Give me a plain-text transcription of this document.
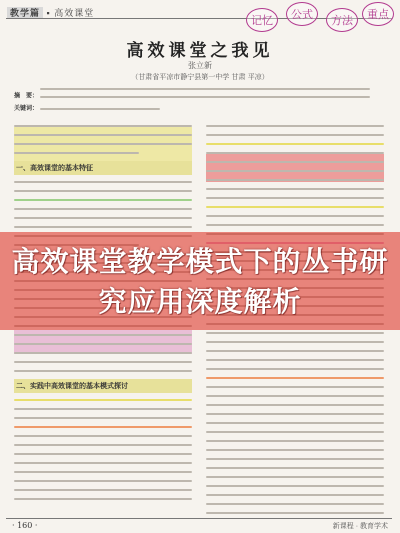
教学篇 ▪ 高效课堂
记忆	公式	方法	重点
高效课堂之我见
张立新
（甘肃省平凉市静宁县第一中学 甘肃 平凉）
摘　要：
关键词：
一、高效课堂的基本特征
二、实践中高效课堂的基本模式探讨
高效课堂教学模式下的丛书研究应用深度解析
· 160 ·	新课程 · 教育学术
